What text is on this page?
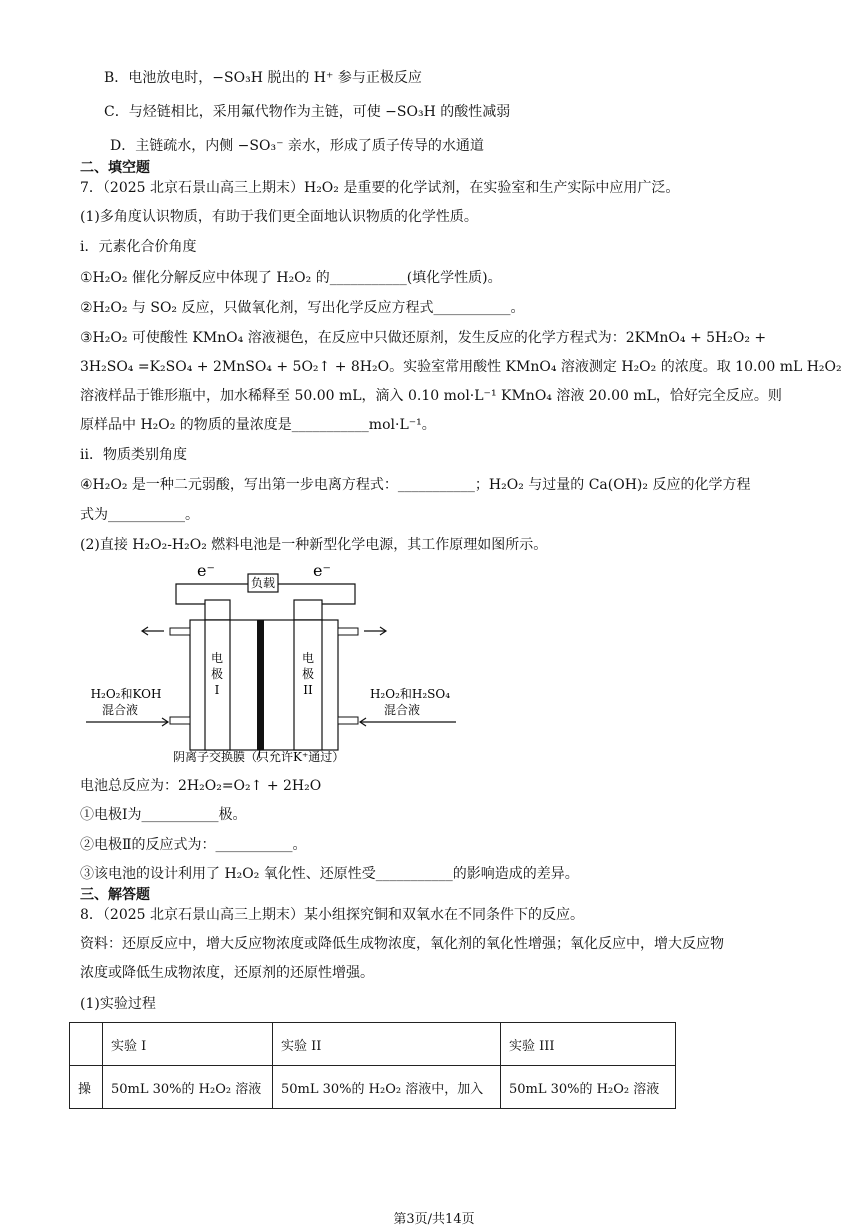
B．电池放电时，−SO₃H 脱出的 H⁺ 参与正极反应
C．与烃链相比，采用氟代物作为主链，可使 −SO₃H 的酸性减弱
D．主链疏水，内侧 −SO₃⁻ 亲水，形成了质子传导的水通道
二、填空题
7．（2025 北京石景山高三上期末）H₂O₂ 是重要的化学试剂，在实验室和生产实际中应用广泛。
(1)多角度认识物质，有助于我们更全面地认识物质的化学性质。
i．元素化合价角度
①H₂O₂ 催化分解反应中体现了 H₂O₂ 的___________(填化学性质)。
②H₂O₂ 与 SO₂ 反应，只做氧化剂，写出化学反应方程式___________。
③H₂O₂ 可使酸性 KMnO₄ 溶液褪色，在反应中只做还原剂，发生反应的化学方程式为：2KMnO₄ + 5H₂O₂ +
3H₂SO₄ =K₂SO₄ + 2MnSO₄ + 5O₂↑ + 8H₂O。实验室常用酸性 KMnO₄ 溶液测定 H₂O₂ 的浓度。取 10.00 mL H₂O₂
溶液样品于锥形瓶中，加水稀释至 50.00 mL，滴入 0.10 mol·L⁻¹ KMnO₄ 溶液 20.00 mL，恰好完全反应。则
原样品中 H₂O₂ 的物质的量浓度是___________mol·L⁻¹。
ii．物质类别角度
④H₂O₂ 是一种二元弱酸，写出第一步电离方程式：___________；H₂O₂ 与过量的 Ca(OH)₂ 反应的化学方程
式为___________。
(2)直接 H₂O₂-H₂O₂ 燃料电池是一种新型化学电源，其工作原理如图所示。
负载
e⁻	e⁻
电
极
I
电
极
II
H₂O₂和KOH
混合液
H₂O₂和H₂SO₄
混合液
阴离子交换膜（只允许K⁺通过）
电池总反应为：2H₂O₂=O₂↑ + 2H₂O
①电极Ⅰ为___________极。
②电极Ⅱ的反应式为：___________。
③该电池的设计利用了 H₂O₂ 氧化性、还原性受___________的影响造成的差异。
三、解答题
8．（2025 北京石景山高三上期末）某小组探究铜和双氧水在不同条件下的反应。
资料：还原反应中，增大反应物浓度或降低生成物浓度，氧化剂的氧化性增强；氧化反应中，增大反应物
浓度或降低生成物浓度，还原剂的还原性增强。
(1)实验过程
	实验 I	实验 II	实验 III
操	50mL 30%的 H₂O₂ 溶液	50mL 30%的 H₂O₂ 溶液中，加入	50mL 30%的 H₂O₂ 溶液
第3页/共14页
